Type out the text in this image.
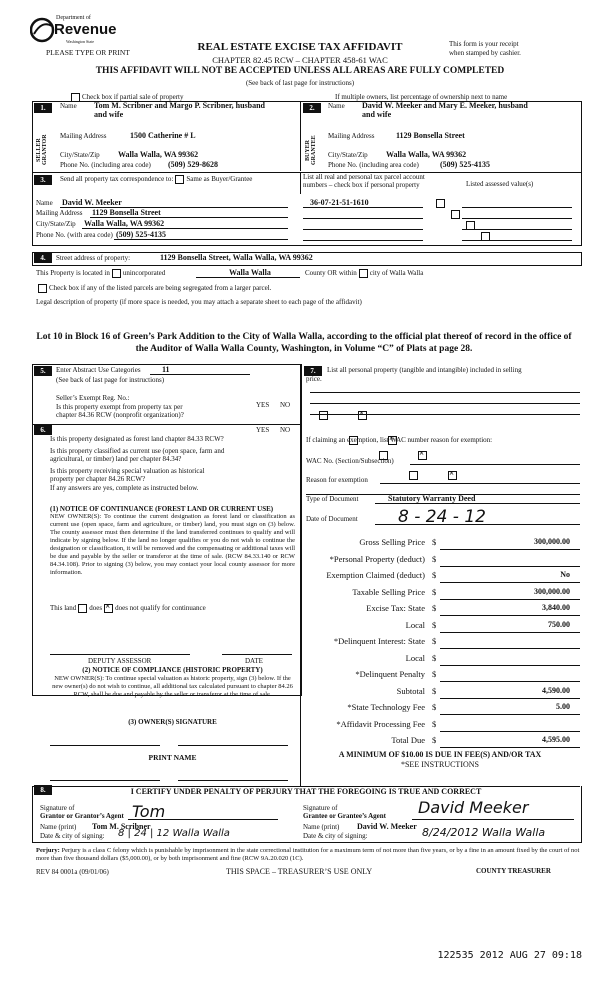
Department of
Revenue
Washington State
PLEASE TYPE OR PRINT	REAL ESTATE EXCISE TAX AFFIDAVIT
CHAPTER 82.45 RCW – CHAPTER 458-61 WAC
THIS AFFIDAVIT WILL NOT BE ACCEPTED UNLESS ALL AREAS ARE FULLY COMPLETED
(See back of last page for instructions)
This form is your receipt
when stamped by cashier.
Check box if partial sale of property	If multiple owners, list percentage of ownership next to name
1.
SELLER GRANTOR
Name Tom M. Scribner and Margo P. Scribner, husband
and wife
Mailing Address	1500 Catherine # L
City/State/Zip Walla Walla, WA 99362
Phone No. (including area code) (509) 529-8628
2.
BUYER GRANTEE
Name David W. Meeker and Mary E. Meeker, husband
and wife
Mailing Address	1129 Bonsella Street
City/State/Zip Walla Walla, WA 99362
Phone No. (including area code)	(509) 525-4135
3.	Send all property tax correspondence to: Same as Buyer/Grantee	List all real and personal tax parcel account
numbers – check box if personal property	Listed assessed value(s)
Name David W. Meeker
Mailing Address 1129 Bonsella Street
City/State/Zip Walla Walla, WA 99362
Phone No. (with area code) (509) 525-4135
36-07-21-51-1610

4.	Street address of property:	1129 Bonsella Street, Walla Walla, WA 99362
This Property is located in unincorporated	Walla Walla	County OR within city of Walla Walla
Check box if any of the listed parcels are being segregated from a larger parcel.
Legal description of property (if more space is needed, you may attach a separate sheet to each page of the affidavit)
Lot 10 in Block 16 of Green’s Park Addition to the City of Walla Walla, according to the official plat thereof of record in the office of the Auditor of Walla Walla County, Washington, in Volume “C” of Plats at page 28.
5.	Enter Abstract Use Categories	11
(See back of last page for instructions)
Seller’s Exempt Reg. No.:
Is this property exempt from property tax per
chapter 84.36 RCW (nonprofit organization)?
YES NO
×
6.	YES NO
Is this property designated as forest land chapter 84.33 RCW?
×
Is this property classified as current use (open space, farm and
agricultural, or timber) land per chapter 84.34?
×
Is this property receiving special valuation as historical
property per chapter 84.26 RCW?
×
If any answers are yes, complete as instructed below.
(1) NOTICE OF CONTINUANCE (FOREST LAND OR CURRENT USE)
NEW OWNER(S): To continue the current designation as forest land or classification as current use (open space, farm and agriculture, or timber) land, you must sign on (3) below. The county assessor must then determine if the land transferred continues to qualify and will indicate by signing below. If the land no longer qualifies or you do not wish to continue the designation or classification, it will be removed and the compensating or additional taxes will be due and payable by the seller or transferor at the time of sale. (RCW 84.33.140 or RCW 84.34.108). Prior to signing (3) below, you may contact your local county assessor for more information.
This land does× does not qualify for continuance
DEPUTY ASSESSOR	DATE
(2) NOTICE OF COMPLIANCE (HISTORIC PROPERTY)
NEW OWNER(S): To continue special valuation as historic property, sign (3) below. If the new owner(s) do not wish to continue, all additional tax calculated pursuant to chapter 84.26 RCW, shall be due and payable by the seller or transferor at the time of sale.
(3) OWNER(S) SIGNATURE
PRINT NAME
7.	List all personal property (tangible and intangible) included in selling
price.
If claiming an exemption, list WAC number reason for exemption:
WAC No. (Section/Subsection)
Reason for exemption
Type of Document	Statutory Warranty Deed
Date of Document 8 - 24 - 12
Gross Selling Price $	300,000.00
*Personal Property (deduct) $
Exemption Claimed (deduct) $	No
Taxable Selling Price $	300,000.00
Excise Tax: State $	3,840.00
Local $	750.00
*Delinquent Interest: State $
Local $
*Delinquent Penalty $
Subtotal $	4,590.00
*State Technology Fee $	5.00
*Affidavit Processing Fee $
Total Due $	4,595.00
A MINIMUM OF $10.00 IS DUE IN FEE(S) AND/OR TAX
*SEE INSTRUCTIONS
8.	I CERTIFY UNDER PENALTY OF PERJURY THAT THE FOREGOING IS TRUE AND CORRECT
Signature of
Grantor or Grantor’s Agent Tom
Name (print) Tom M. Scribner
Date & city of signing: 8 | 24 | 12 Walla Walla
Signature of
Grantee or Grantee’s Agent David Meeker
Name (print) David W. Meeker
Date & city of signing:	8/24/2012 Walla Walla
Perjury: Perjury is a class C felony which is punishable by imprisonment in the state correctional institution for a maximum term of not more than five years, or by a fine in an amount fixed by the court of not more than five thousand dollars ($5,000.00), or by both imprisonment and fine (RCW 9A.20.020 (1C).
REV 84 0001a (09/01/06)	THIS SPACE – TREASURER’S USE ONLY	COUNTY TREASURER
122535 2012 AUG 27 09:18
